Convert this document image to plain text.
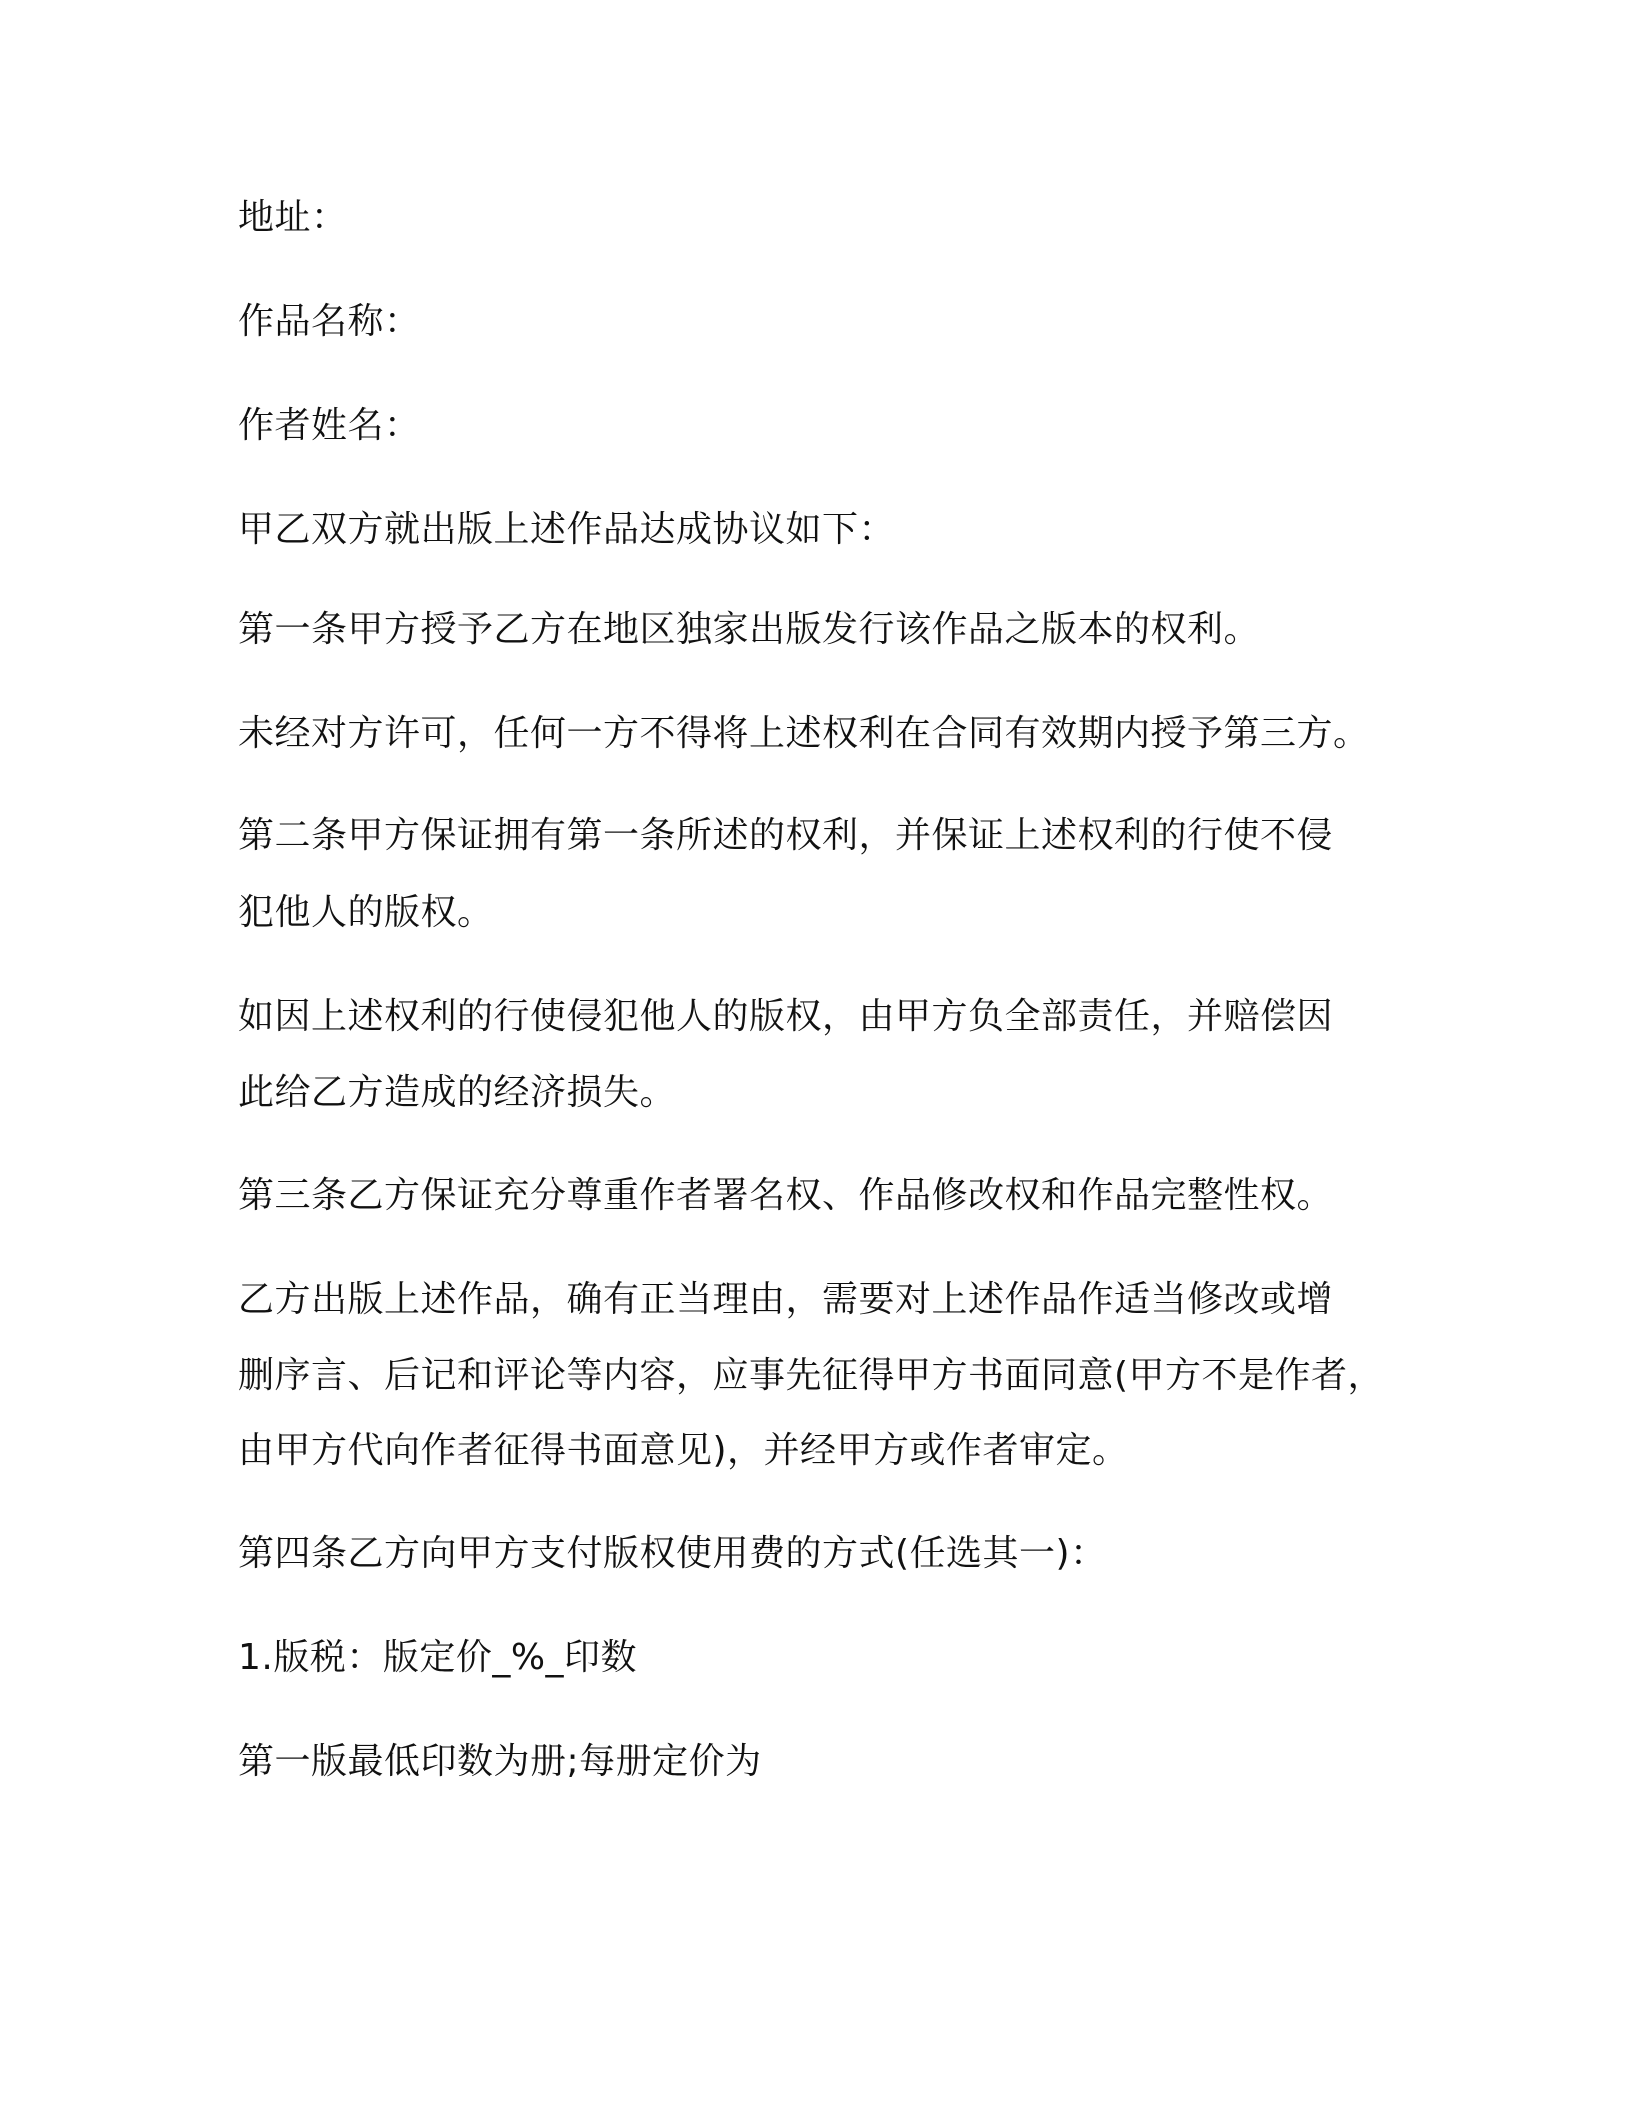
地址：

作品名称：

作者姓名：

甲乙双方就出版上述作品达成协议如下：

第一条甲方授予乙方在地区独家出版发行该作品之版本的权利。

未经对方许可，任何一方不得将上述权利在合同有效期内授予第三方。

第二条甲方保证拥有第一条所述的权利，并保证上述权利的行使不侵

犯他人的版权。

如因上述权利的行使侵犯他人的版权，由甲方负全部责任，并赔偿因

此给乙方造成的经济损失。

第三条乙方保证充分尊重作者署名权、作品修改权和作品完整性权。

乙方出版上述作品，确有正当理由，需要对上述作品作适当修改或增

删序言、后记和评论等内容，应事先征得甲方书面同意(甲方不是作者，

由甲方代向作者征得书面意见)，并经甲方或作者审定。

第四条乙方向甲方支付版权使用费的方式(任选其一)：

1.版税：版定价_%_印数

第一版最低印数为册;每册定价为
